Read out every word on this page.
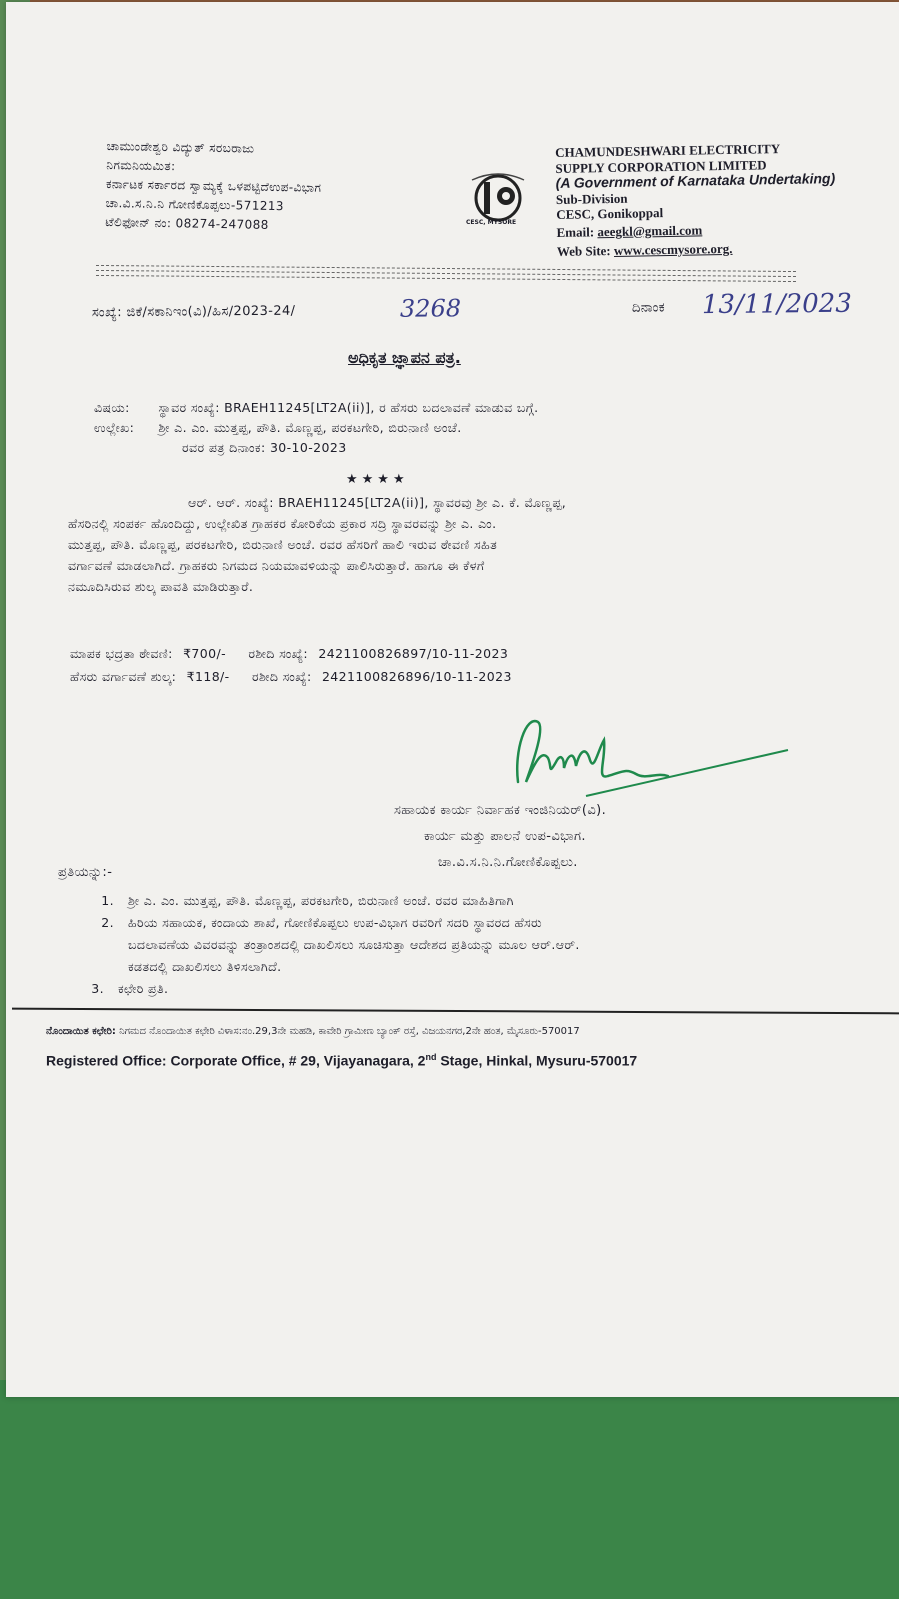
ಚಾಮುಂಡೇಶ್ವರಿ ವಿದ್ಯುತ್ ಸರಬರಾಜು
ನಿಗಮನಿಯಮಿತ:
ಕರ್ನಾಟಕ ಸರ್ಕಾರದ ಸ್ವಾಮ್ಯಕ್ಕೆ ಒಳಪಟ್ಟಿದೆಉಪ-ವಿಭಾಗ
ಚಾ.ವಿ.ಸ.ನಿ.ನಿ ಗೋಣಿಕೊಪ್ಪಲು-571213
ಟೆಲಿಫೋನ್ ನಂ: 08274-247088	CESC, MYSORE
CHAMUNDESHWARI ELECTRICITY
SUPPLY CORPORATION LIMITED
(A Government of Karnataka Undertaking)
Sub-Division
CESC, Gonikoppal
Email: aeegkl@gmail.com
Web Site: www.cescmysore.org.
ಸಂಖ್ಯೆ: ಜಿಕೆ/ಸಕಾನಿಇಂ(ವಿ)/ಹಿಸ/2023-24/	3268	ದಿನಾಂಕ 13/11/2023
ಅಧಿಕೃತ ಜ್ಞಾಪನ ಪತ್ರ.
ವಿಷಯ: ಸ್ಥಾವರ ಸಂಖ್ಯೆ: BRAEH11245[LT2A(ii)], ರ ಹೆಸರು ಬದಲಾವಣೆ ಮಾಡುವ ಬಗ್ಗೆ.
ಉಲ್ಲೇಖ: ಶ್ರೀ ಎ. ಎಂ. ಮುತ್ತಪ್ಪ, ಪೌತಿ. ಮೊಣ್ಣಪ್ಪ, ಪರಕಟಗೇರಿ, ಬಿರುನಾಣಿ ಅಂಚೆ.
ರವರ ಪತ್ರ ದಿನಾಂಕ: 30-10-2023
★★★★
ಆರ್. ಆರ್. ಸಂಖ್ಯೆ: BRAEH11245[LT2A(ii)], ಸ್ಥಾವರವು ಶ್ರೀ ಎ. ಕೆ. ಮೊಣ್ಣಪ್ಪ,
ಹೆಸರಿನಲ್ಲಿ ಸಂಪರ್ಕ ಹೊಂದಿದ್ದು, ಉಲ್ಲೇಖಿತ ಗ್ರಾಹಕರ ಕೋರಿಕೆಯ ಪ್ರಕಾರ ಸದ್ರಿ ಸ್ಥಾವರವನ್ನು ಶ್ರೀ ಎ. ಎಂ.
ಮುತ್ತಪ್ಪ, ಪೌತಿ. ಮೊಣ್ಣಪ್ಪ, ಪರಕಟಗೇರಿ, ಬಿರುನಾಣಿ ಅಂಚೆ. ರವರ ಹೆಸರಿಗೆ ಹಾಲಿ ಇರುವ ಠೇವಣಿ ಸಹಿತ
ವರ್ಗಾವಣೆ ಮಾಡಲಾಗಿದೆ. ಗ್ರಾಹಕರು ನಿಗಮದ ನಿಯಮಾವಳಿಯನ್ನು ಪಾಲಿಸಿರುತ್ತಾರೆ. ಹಾಗೂ ಈ ಕೆಳಗೆ
ನಮೂದಿಸಿರುವ ಶುಲ್ಕ ಪಾವತಿ ಮಾಡಿರುತ್ತಾರೆ.
ಮಾಪಕ ಭದ್ರತಾ ಠೇವಣಿ: ₹700/- ರಶೀದಿ ಸಂಖ್ಯೆ: 242110082689​7/10-11-2023
ಹೆಸರು ವರ್ಗಾವಣೆ ಶುಲ್ಕ: ₹118/- ರಶೀದಿ ಸಂಖ್ಯೆ: 242110082689​6/10-11-2023
ಸಹಾಯಕ ಕಾರ್ಯ ನಿರ್ವಾಹಕ ಇಂಜಿನಿಯರ್(ವಿ).
ಕಾರ್ಯ ಮತ್ತು ಪಾಲನೆ ಉಪ-ವಿಭಾಗ.
ಚಾ.ವಿ.ಸ.ನಿ.ನಿ.ಗೋಣಿಕೊಪ್ಪಲು.
ಪ್ರತಿಯನ್ನು:-
1.	ಶ್ರೀ ಎ. ಎಂ. ಮುತ್ತಪ್ಪ, ಪೌತಿ. ಮೊಣ್ಣಪ್ಪ, ಪರಕಟಗೇರಿ, ಬಿರುನಾಣಿ ಅಂಚೆ. ರವರ ಮಾಹಿತಿಗಾಗಿ
2.	ಹಿರಿಯ ಸಹಾಯಕ, ಕಂದಾಯ ಶಾಖೆ, ಗೋಣಿಕೊಪ್ಪಲು ಉಪ-ವಿಭಾಗ ರವರಿಗೆ ಸದರಿ ಸ್ಥಾವರದ ಹೆಸರು
ಬದಲಾವಣೆಯ ವಿವರವನ್ನು ತಂತ್ರಾಂಶದಲ್ಲಿ ದಾಖಲಿಸಲು ಸೂಚಿಸುತ್ತಾ ಆದೇಶದ ಪ್ರತಿಯನ್ನು ಮೂಲ ಆರ್.ಆರ್.
ಕಡತದಲ್ಲಿ ದಾಖಲಿಸಲು ತಿಳಿಸಲಾಗಿದೆ.
3.	ಕಛೇರಿ ಪ್ರತಿ.
ನೊಂದಾಯಿತ ಕಛೇರಿ: ನಿಗಮದ ನೊಂದಾಯಿತ ಕಛೇರಿ ವಿಳಾಸ:ನಂ.29,3ನೇ ಮಹಡಿ, ಕಾವೇರಿ ಗ್ರಾಮೀಣ ಬ್ಯಾಂಕ್ ರಸ್ತೆ, ವಿಜಯನಗರ,2ನೇ ಹಂತ, ಮೈಸೂರು-570017
Registered Office: Corporate Office, # 29, Vijayanagara, 2nd Stage, Hinkal, Mysuru-570017
